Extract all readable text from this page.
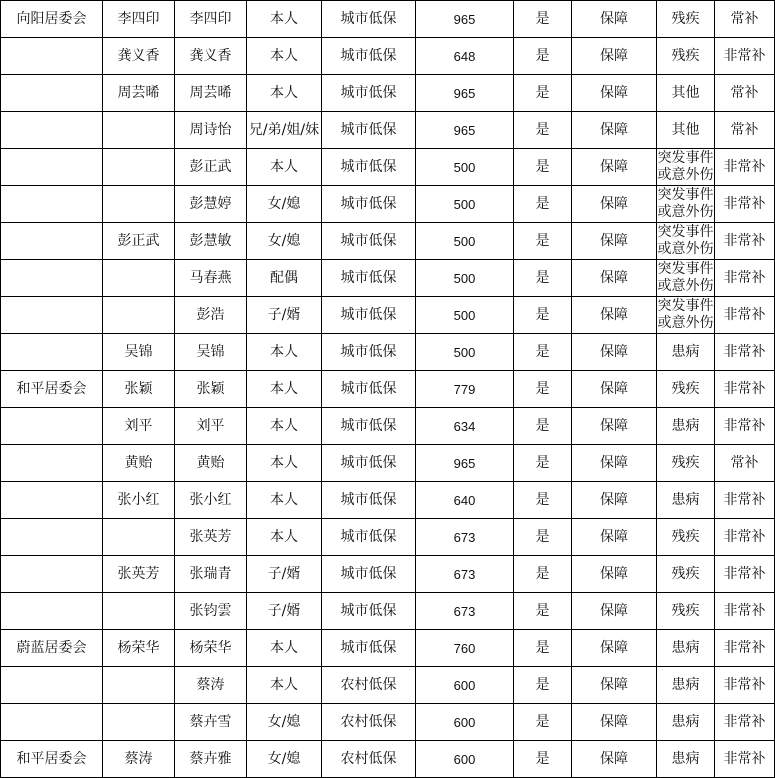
向阳居委会	李四印	李四印	本人	城市低保	965	是	保障	残疾	常补
	龚义香	龚义香	本人	城市低保	648	是	保障	残疾	非常补
	周芸晞	周芸晞	本人	城市低保	965	是	保障	其他	常补
		周诗怡	兄/弟/姐/妹	城市低保	965	是	保障	其他	常补
		彭正武	本人	城市低保	500	是	保障	突发事件或意外伤	非常补
		彭慧婷	女/媳	城市低保	500	是	保障	突发事件或意外伤	非常补
	彭正武	彭慧敏	女/媳	城市低保	500	是	保障	突发事件或意外伤	非常补
		马春燕	配偶	城市低保	500	是	保障	突发事件或意外伤	非常补
		彭浩	子/婿	城市低保	500	是	保障	突发事件或意外伤	非常补
	吴锦	吴锦	本人	城市低保	500	是	保障	患病	非常补
和平居委会	张颖	张颖	本人	城市低保	779	是	保障	残疾	非常补
	刘平	刘平	本人	城市低保	634	是	保障	患病	非常补
	黄贻	黄贻	本人	城市低保	965	是	保障	残疾	常补
	张小红	张小红	本人	城市低保	640	是	保障	患病	非常补
		张英芳	本人	城市低保	673	是	保障	残疾	非常补
	张英芳	张瑞青	子/婿	城市低保	673	是	保障	残疾	非常补
		张钧雲	子/婿	城市低保	673	是	保障	残疾	非常补
蔚蓝居委会	杨荣华	杨荣华	本人	城市低保	760	是	保障	患病	非常补
		蔡涛	本人	农村低保	600	是	保障	患病	非常补
		蔡卉雪	女/媳	农村低保	600	是	保障	患病	非常补
和平居委会	蔡涛	蔡卉雅	女/媳	农村低保	600	是	保障	患病	非常补
